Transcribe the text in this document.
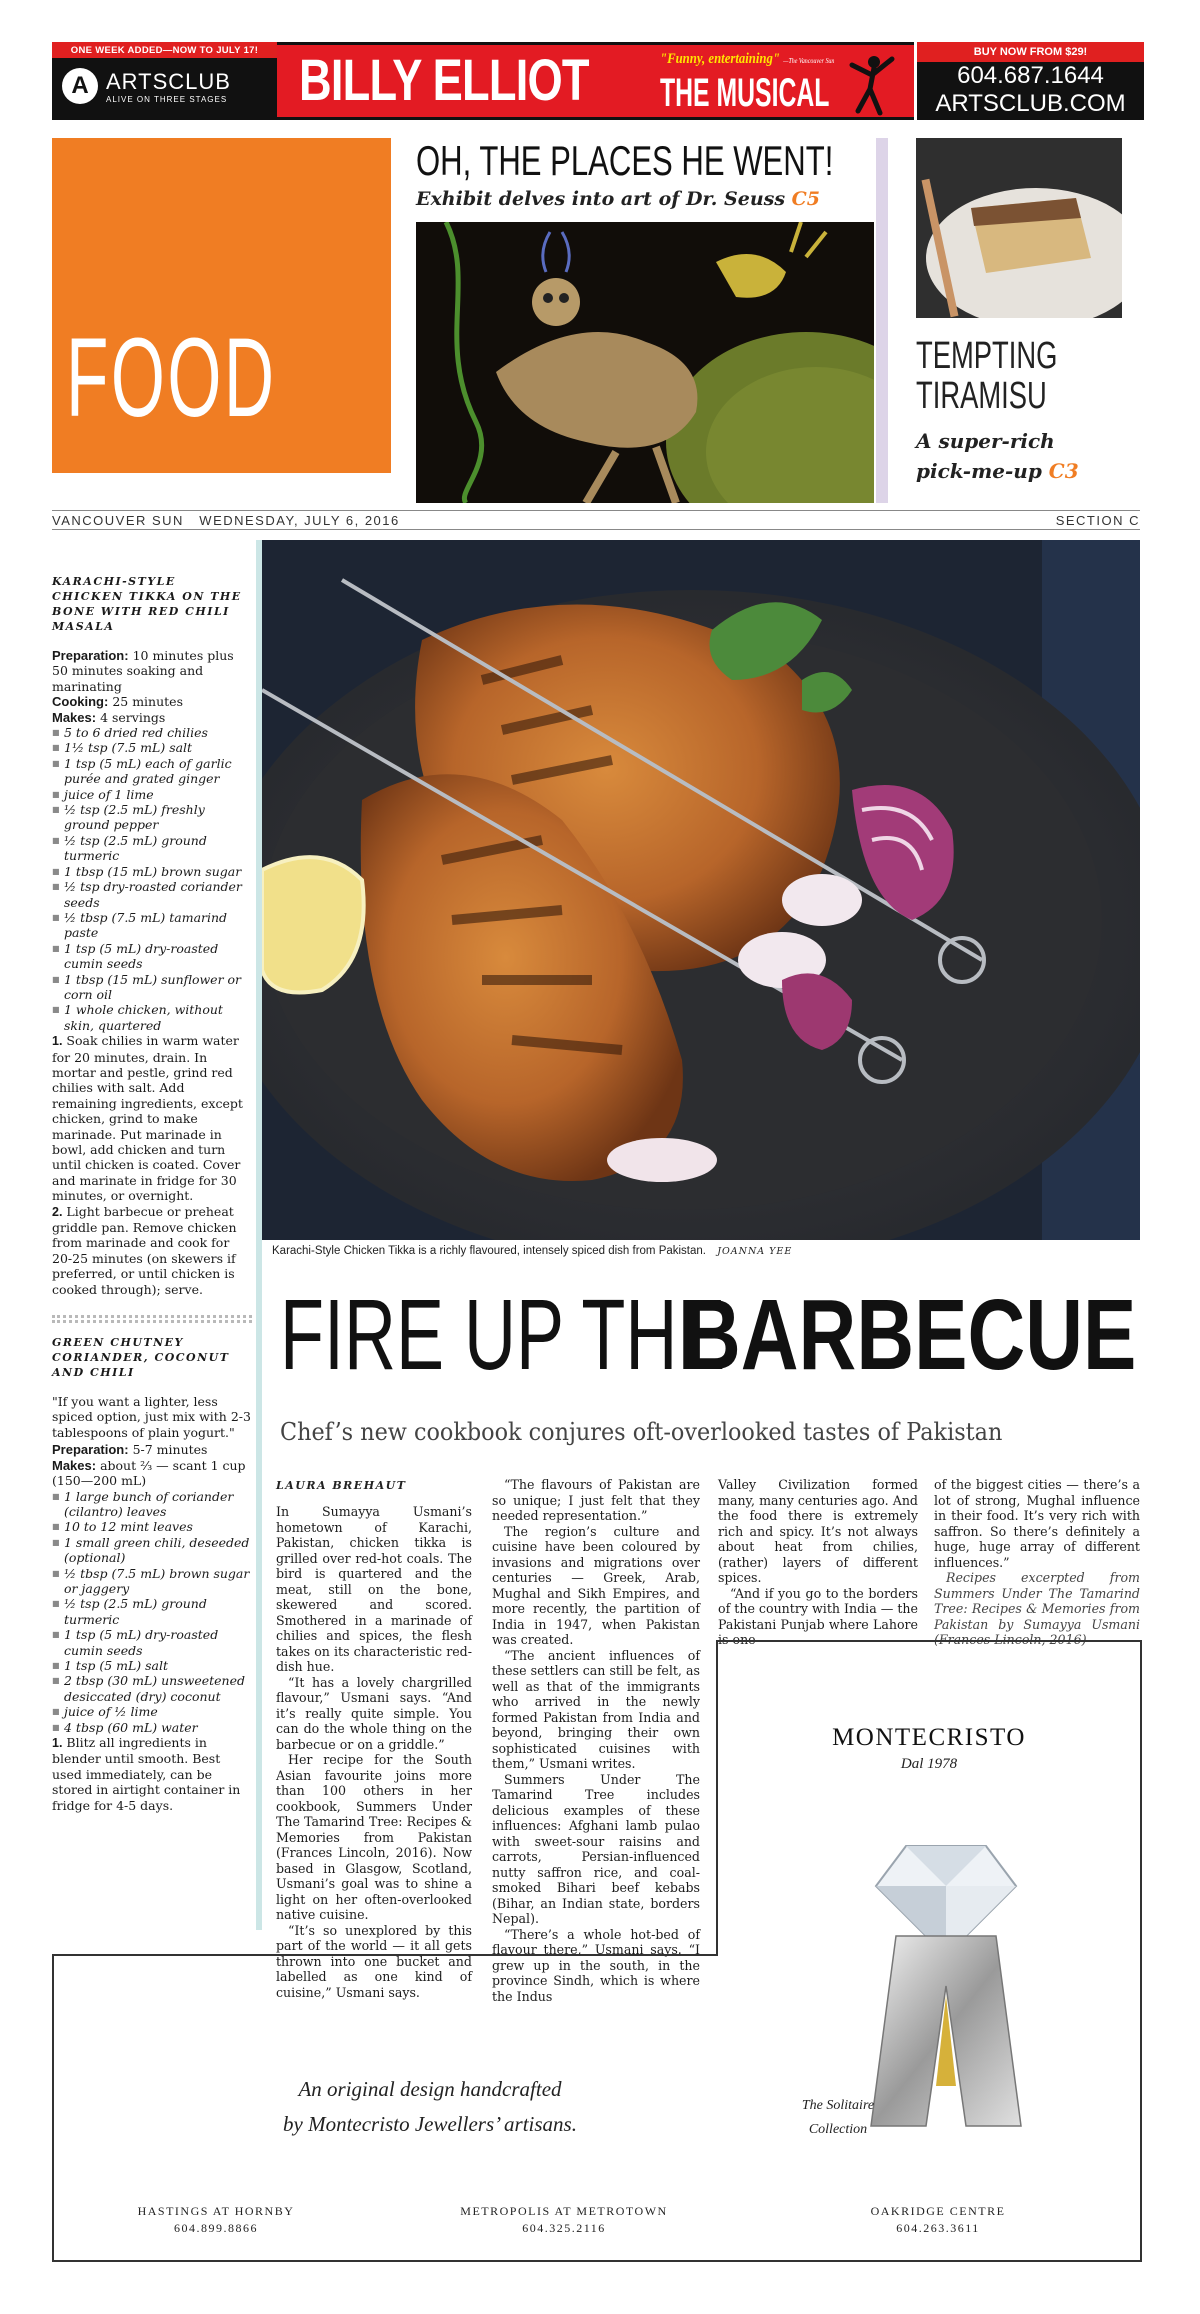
ONE WEEK ADDED—NOW TO JULY 17!
A ARTSCLUB
ALIVE ON THREE STAGES BILLY ELLIOT	"Funny, entertaining" —The Vancouver Sun
THE MUSICAL
BUY NOW FROM $29!
604.687.1644
ARTSCLUB.COM
FOOD
OH, THE PLACES HE WENT!
Exhibit delves into art of Dr. Seuss C5
TEMPTING
TIRAMISU
A super-rich
pick-me-up C3
VANCOUVER SUN WEDNESDAY, JULY 6, 2016	SECTION C
KARACHI-STYLE CHICKEN TIKKA ON THE BONE WITH RED CHILI MASALA
Preparation: 10 minutes plus 50 minutes soaking and marinating
Cooking: 25 minutes
Makes: 4 servings
■ 5 to 6 dried red chilies
■ 1½ tsp (7.5 mL) salt
■ 1 tsp (5 mL) each of garlic purée and grated ginger
■ juice of 1 lime
■ ½ tsp (2.5 mL) freshly ground pepper
■ ½ tsp (2.5 mL) ground turmeric
■ 1 tbsp (15 mL) brown sugar
■ ½ tsp dry-roasted coriander seeds
■ ½ tbsp (7.5 mL) tamarind paste
■ 1 tsp (5 mL) dry-roasted cumin seeds
■ 1 tbsp (15 mL) sunflower or corn oil
■ 1 whole chicken, without skin, quartered
1. Soak chilies in warm water for 20 minutes, drain. In mortar and pestle, grind red chilies with salt. Add remaining ingredients, except chicken, grind to make marinade. Put marinade in bowl, add chicken and turn until chicken is coated. Cover and marinate in fridge for 30 minutes, or overnight.
2. Light barbecue or preheat griddle pan. Remove chicken from marinade and cook for 20-25 minutes (on skewers if preferred, or until chicken is cooked through); serve.
GREEN CHUTNEY CORIANDER, COCONUT AND CHILI
"If you want a lighter, less spiced option, just mix with 2-3 tablespoons of plain yogurt."
Preparation: 5-7 minutes
Makes: about ⅔ — scant 1 cup (150—200 mL)
■ 1 large bunch of coriander (cilantro) leaves
■ 10 to 12 mint leaves
■ 1 small green chili, deseeded (optional)
■ ½ tbsp (7.5 mL) brown sugar or jaggery
■ ½ tsp (2.5 mL) ground turmeric
■ 1 tsp (5 mL) dry-roasted cumin seeds
■ 1 tsp (5 mL) salt
■ 2 tbsp (30 mL) unsweetened desiccated (dry) coconut
■ juice of ½ lime
■ 4 tbsp (60 mL) water
1. Blitz all ingredients in blender until smooth. Best used immediately, can be stored in airtight container in fridge for 4-5 days.
Karachi-Style Chicken Tikka is a richly flavoured, intensely spiced dish from Pakistan. JOANNA YEE
FIRE UP THE
BARBECUE
Chef’s new cookbook conjures oft-overlooked tastes of Pakistan
LAURA BREHAUT

In Sumayya Usmani’s hometown of Karachi, Pakistan, chicken tikka is grilled over red-hot coals. The bird is quartered and the meat, still on the bone, skewered and scored. Smothered in a marinade of chilies and spices, the flesh takes on its characteristic red-dish hue.

“It has a lovely chargrilled flavour,” Usmani says. “And it’s really quite simple. You can do the whole thing on the barbecue or on a griddle.”

Her recipe for the South Asian favourite joins more than 100 others in her cookbook, Summers Under The Tamarind Tree: Recipes & Memories from Pakistan (Frances Lincoln, 2016). Now based in Glasgow, Scotland, Usmani’s goal was to shine a light on her often-overlooked native cuisine.

“It’s so unexplored by this part of the world — it all gets thrown into one bucket and labelled as one kind of cuisine,” Usmani says.

“The flavours of Pakistan are so unique; I just felt that they needed representation.”

The region’s culture and cuisine have been coloured by invasions and migrations over centuries — Greek, Arab, Mughal and Sikh Empires, and more recently, the partition of India in 1947, when Pakistan was created.

“The ancient influences of these settlers can still be felt, as well as that of the immigrants who arrived in the newly formed Pakistan from India and beyond, bringing their own sophisticated cuisines with them,” Usmani writes.

Summers Under The Tamarind Tree includes delicious examples of these influences: Afghani lamb pulao with sweet-sour raisins and carrots, Persian-influenced nutty saffron rice, and coal-smoked Bihari beef kebabs (Bihar, an Indian state, borders Nepal).

“There’s a whole hot-bed of flavour there,” Usmani says. “I grew up in the south, in the province Sindh, which is where the Indus

Valley Civilization formed many, many centuries ago. And the food there is extremely rich and spicy. It’s not always about heat from chilies, (rather) layers of different spices.

“And if you go to the borders of the country with India — the Pakistani Punjab where Lahore is one

of the biggest cities — there’s a lot of strong, Mughal influence in their food. It’s very rich with saffron. So there’s definitely a huge, huge array of different influences.”

Recipes excerpted from Summers Under The Tamarind Tree: Recipes & Memories from Pakistan by Sumayya Usmani (Frances Lincoln, 2016)

MONTECRISTO
Dal 1978
The Solitaire
Collection
An original design handcrafted
by Montecristo Jewellers’ artisans.
HASTINGS AT HORNBY
604.899.8866
METROPOLIS AT METROTOWN
604.325.2116
OAKRIDGE CENTRE
604.263.3611
